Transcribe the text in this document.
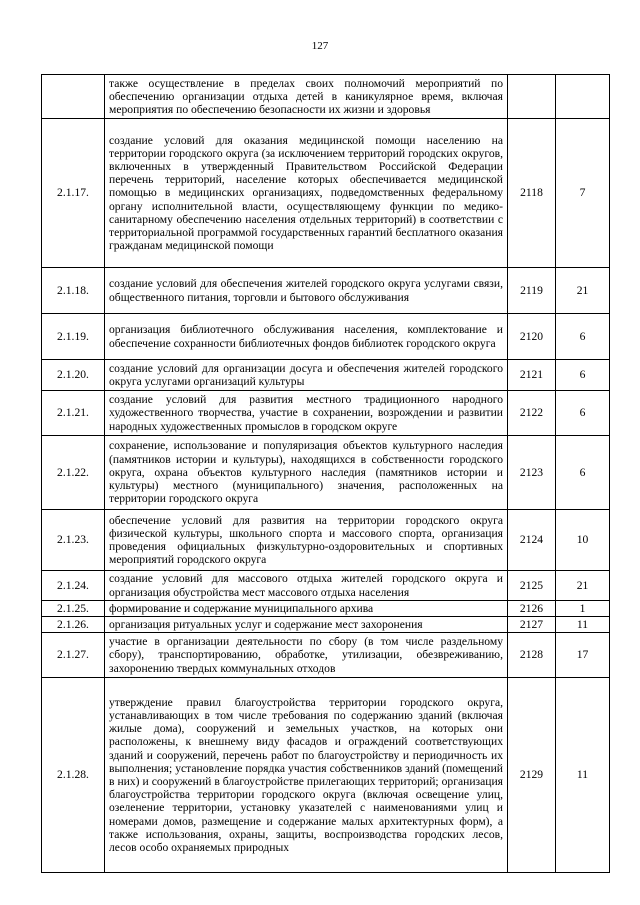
127
	также осуществление в пределах своих полномочий мероприятий по обеспечению организации отдыха детей в каникулярное время, включая мероприятия по обеспечению безопасности их жизни и здоровья		
2.1.17.	создание условий для оказания медицинской помощи населению на территории городского округа (за исключением территорий городских округов, включенных в утвержденный Правительством Российской Федерации перечень территорий, население которых обеспечивается медицинской помощью в медицинских организациях, подведомственных федеральному органу исполнительной власти, осуществляющему функции по медико-санитарному обеспечению населения отдельных территорий) в соответствии с территориальной программой государственных гарантий бесплатного оказания гражданам медицинской помощи	2118	7
2.1.18.	создание условий для обеспечения жителей городского округа услугами связи, общественного питания, торговли и бытового обслуживания	2119	21
2.1.19.	организация библиотечного обслуживания населения, комплектование и обеспечение сохранности библиотечных фондов библиотек городского округа	2120	6
2.1.20.	создание условий для организации досуга и обеспечения жителей городского округа услугами организаций культуры	2121	6
2.1.21.	создание условий для развития местного традиционного народного художественного творчества, участие в сохранении, возрождении и развитии народных художественных промыслов в городском округе	2122	6
2.1.22.	сохранение, использование и популяризация объектов культурного наследия (памятников истории и культуры), находящихся в собственности городского округа, охрана объектов культурного наследия (памятников истории и культуры) местного (муниципального) значения, расположенных на территории городского округа	2123	6
2.1.23.	обеспечение условий для развития на территории городского округа физической культуры, школьного спорта и массового спорта, организация проведения официальных физкультурно-оздоровительных и спортивных мероприятий городского округа	2124	10
2.1.24.	создание условий для массового отдыха жителей городского округа и организация обустройства мест массового отдыха населения	2125	21
2.1.25.	формирование и содержание муниципального архива	2126	1
2.1.26.	организация ритуальных услуг и содержание мест захоронения	2127	11
2.1.27.	участие в организации деятельности по сбору (в том числе раздельному сбору), транспортированию, обработке, утилизации, обезвреживанию, захоронению твердых коммунальных отходов	2128	17
2.1.28.	утверждение правил благоустройства территории городского округа, устанавливающих в том числе требования по содержанию зданий (включая жилые дома), сооружений и земельных участков, на которых они расположены, к внешнему виду фасадов и ограждений соответствующих зданий и сооружений, перечень работ по благоустройству и периодичность их выполнения; установление порядка участия собственников зданий (помещений в них) и сооружений в благоустройстве прилегающих территорий; организация благоустройства территории городского округа (включая освещение улиц, озеленение территории, установку указателей с наименованиями улиц и номерами домов, размещение и содержание малых архитектурных форм), а также использования, охраны, защиты, воспроизводства городских лесов, лесов особо охраняемых природных	2129	11
